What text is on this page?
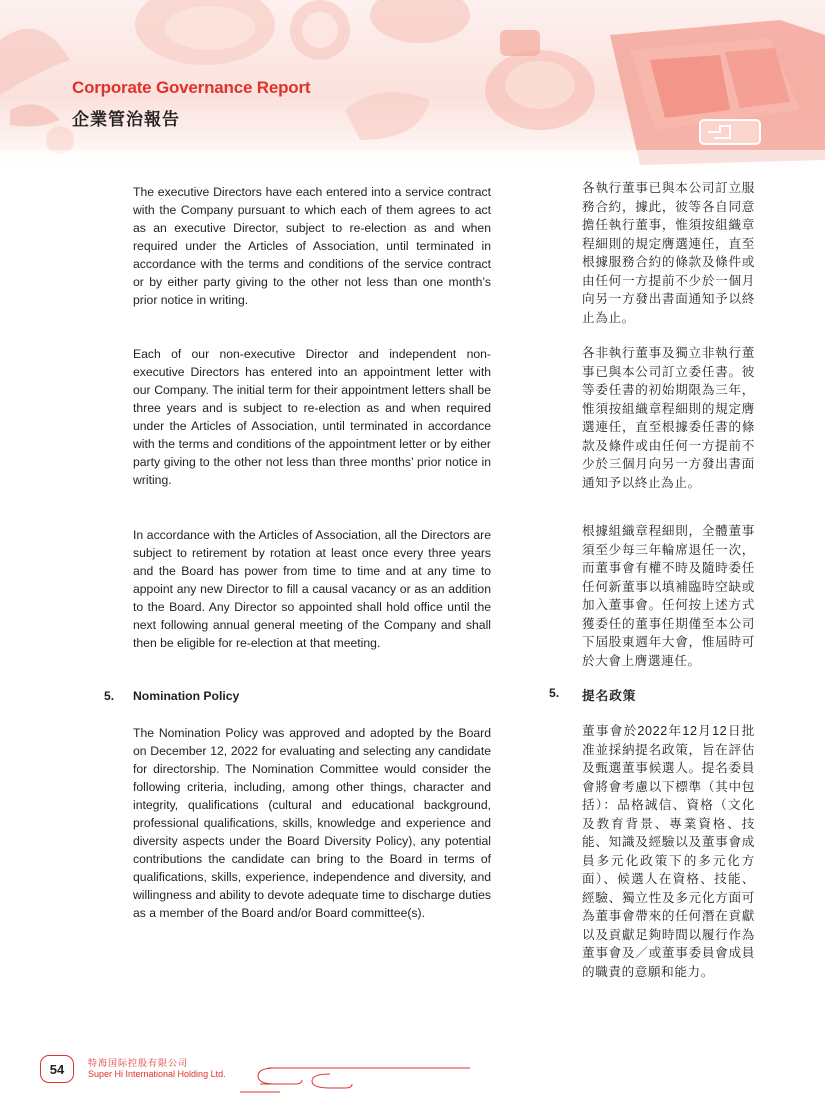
Corporate Governance Report
企業管治報告
The executive Directors have each entered into a service contract with the Company pursuant to which each of them agrees to act as an executive Director, subject to re-election as and when required under the Articles of Association, until terminated in accordance with the terms and conditions of the service contract or by either party giving to the other not less than one month’s prior notice in writing.
Each of our non-executive Director and independent non-executive Directors has entered into an appointment letter with our Company. The initial term for their appointment letters shall be three years and is subject to re-election as and when required under the Articles of Association, until terminated in accordance with the terms and conditions of the appointment letter or by either party giving to the other not less than three months’ prior notice in writing.
In accordance with the Articles of Association, all the Directors are subject to retirement by rotation at least once every three years and the Board has power from time to time and at any time to appoint any new Director to fill a causal vacancy or as an addition to the Board. Any Director so appointed shall hold office until the next following annual general meeting of the Company and shall then be eligible for re-election at that meeting.
5. Nomination Policy
The Nomination Policy was approved and adopted by the Board on December 12, 2022 for evaluating and selecting any candidate for directorship. The Nomination Committee would consider the following criteria, including, among other things, character and integrity, qualifications (cultural and educational background, professional qualifications, skills, knowledge and experience and diversity aspects under the Board Diversity Policy), any potential contributions the candidate can bring to the Board in terms of qualifications, skills, experience, independence and diversity, and willingness and ability to devote adequate time to discharge duties as a member of the Board and/or Board committee(s).
各執行董事已與本公司訂立服務合約，據此，彼等各自同意擔任執行董事，惟須按組織章程細則的規定膺選連任，直至根據服務合約的條款及條件或由任何一方提前不少於一個月向另一方發出書面通知予以終止為止。
各非執行董事及獨立非執行董事已與本公司訂立委任書。彼等委任書的初始期限為三年，惟須按組織章程細則的規定膺選連任，直至根據委任書的條款及條件或由任何一方提前不少於三個月向另一方發出書面通知予以終止為止。
根據組織章程細則，全體董事須至少每三年輪席退任一次，而董事會有權不時及隨時委任任何新董事以填補臨時空缺或加入董事會。任何按上述方式獲委任的董事任期僅至本公司下屆股東週年大會，惟屆時可於大會上膺選連任。
5. 提名政策
董事會於2022年12月12日批准並採納提名政策，旨在評估及甄選董事候選人。提名委員會將會考慮以下標準（其中包括）：品格誠信、資格（文化及教育背景、專業資格、技能、知識及經驗以及董事會成員多元化政策下的多元化方面）、候選人在資格、技能、經驗、獨立性及多元化方面可為董事會帶來的任何潛在貢獻以及貢獻足夠時間以履行作為董事會及／或董事委員會成員的職責的意願和能力。
54	特海国际控股有限公司
Super Hi International Holding Ltd.
